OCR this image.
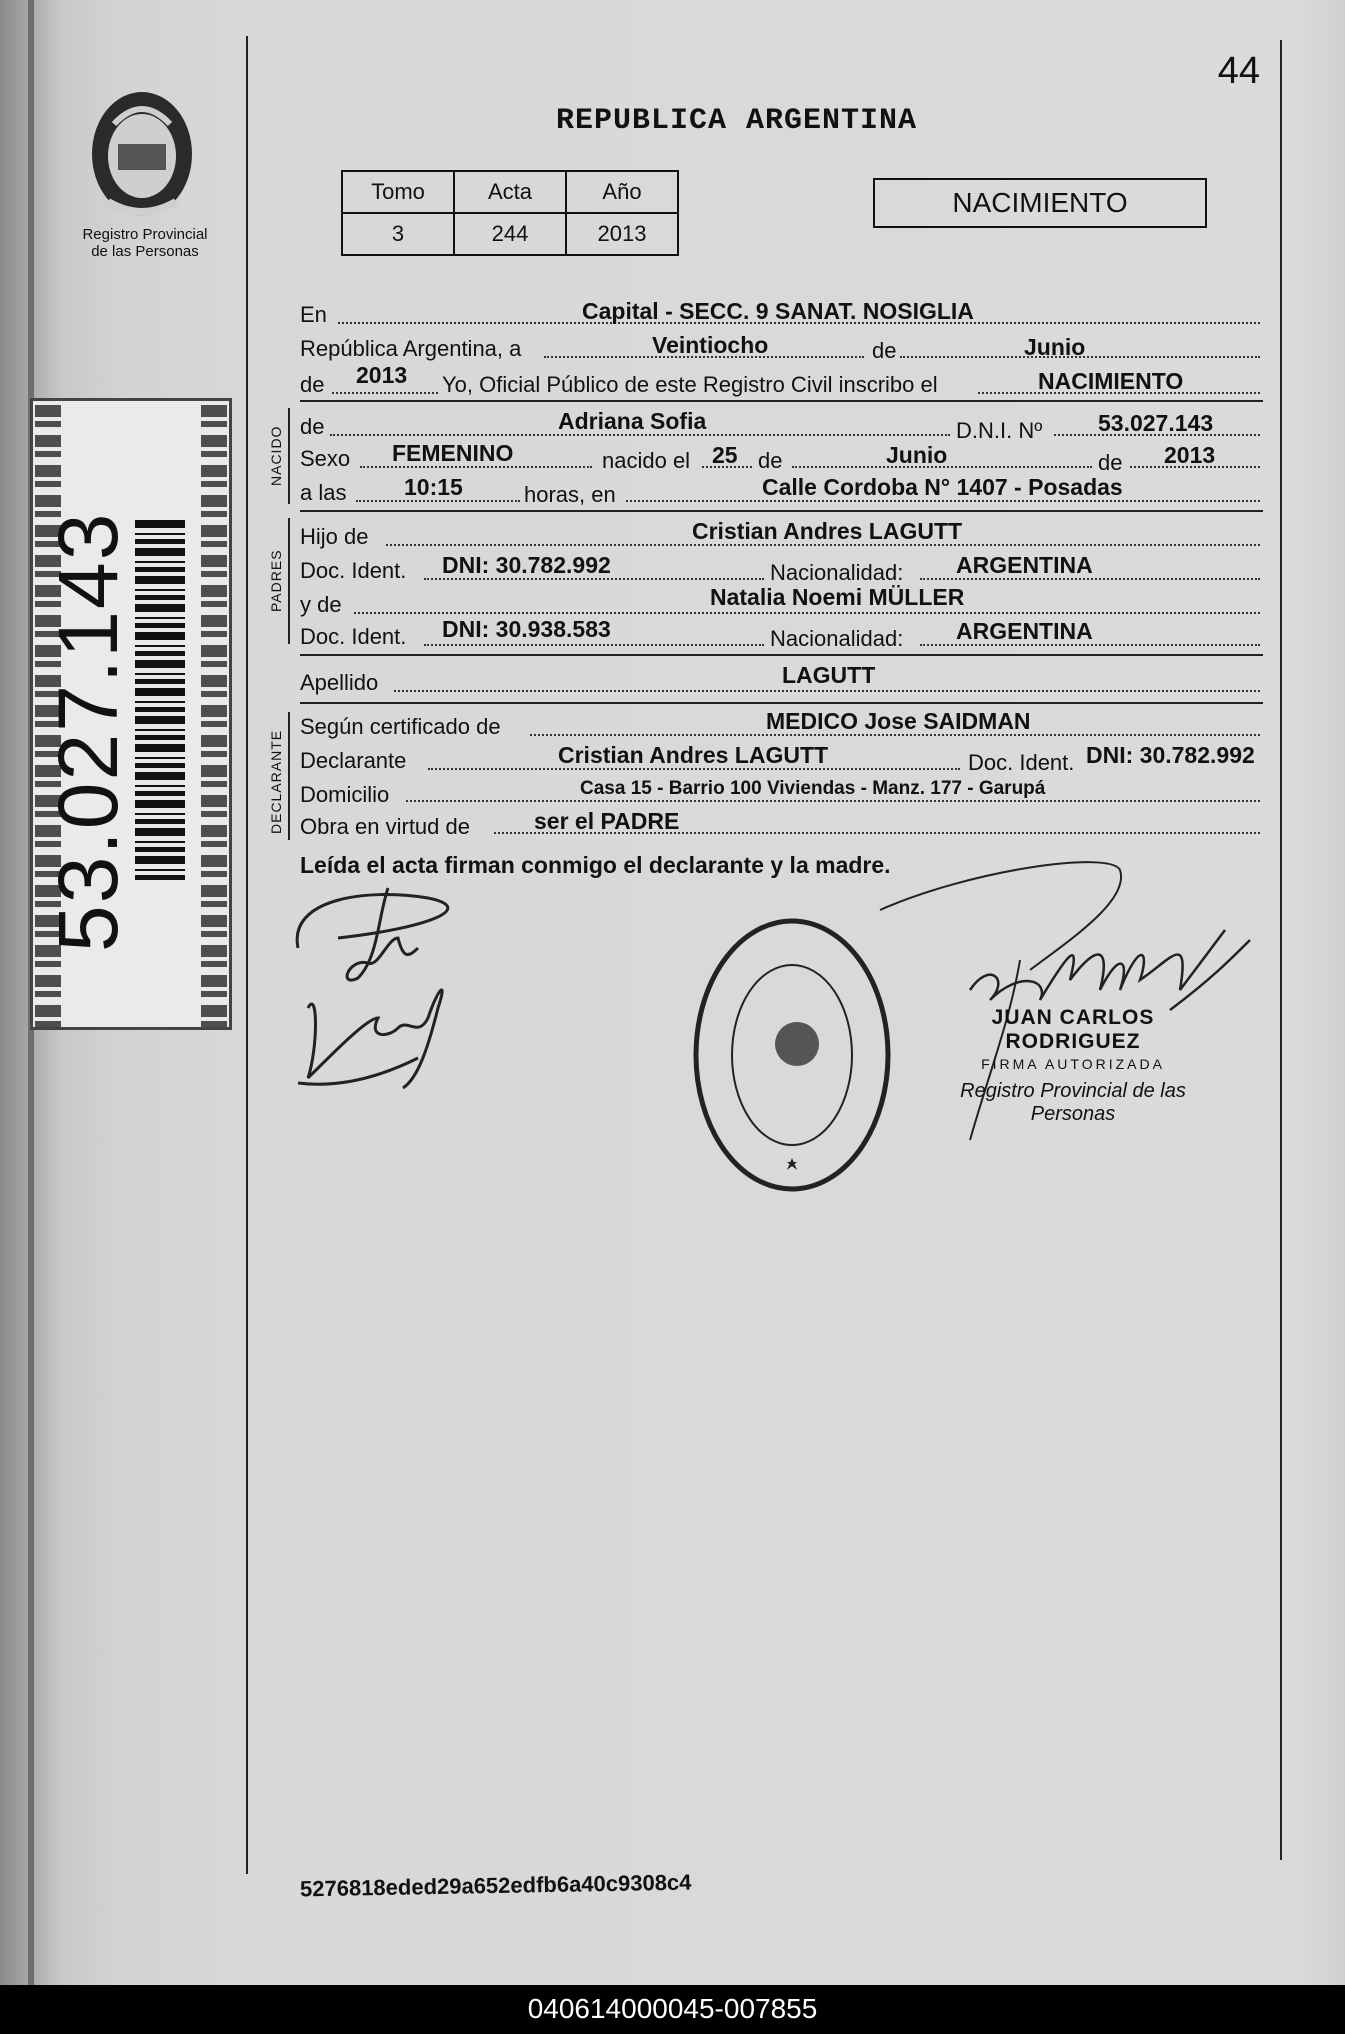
44
REPUBLICA ARGENTINA
Registro Provincial
de las Personas
Tomo	Acta	Año
3	244	2013
NACIMIENTO
53.027.143
En	Capital - SECC. 9 SANAT. NOSIGLIA
República Argentina, a	Veintiocho	de	Junio
de 2013 Yo, Oficial Público de este Registro Civil inscribo el	NACIMIENTO
NACIDO de	Adriana Sofia	D.N.I. Nº 53.027.143
Sexo FEMENINO	nacido el 25 de	Junio	de 2013
a las	10:15	horas, en	Calle Cordoba N° 1407 - Posadas
PADRES
Hijo de	Cristian Andres LAGUTT
Doc. Ident. DNI: 30.782.992	Nacionalidad: ARGENTINA
y de	Natalia Noemi MÜLLER
Doc. Ident. DNI: 30.938.583	Nacionalidad: ARGENTINA
Apellido	LAGUTT
DECLARANTE
Según certificado de	MEDICO Jose SAIDMAN
Declarante	Cristian Andres LAGUTT	Doc. Ident. DNI: 30.782.992
Domicilio	Casa 15 - Barrio 100 Viviendas - Manz. 177 - Garupá
Obra en virtud de	ser el PADRE
Leída el acta firman conmigo el declarante y la madre.
JUAN CARLOS RODRIGUEZ
FIRMA AUTORIZADA
Registro Provincial de las Personas
5276818eded29a652edfb6a40c9308c4
040614000045-007855
